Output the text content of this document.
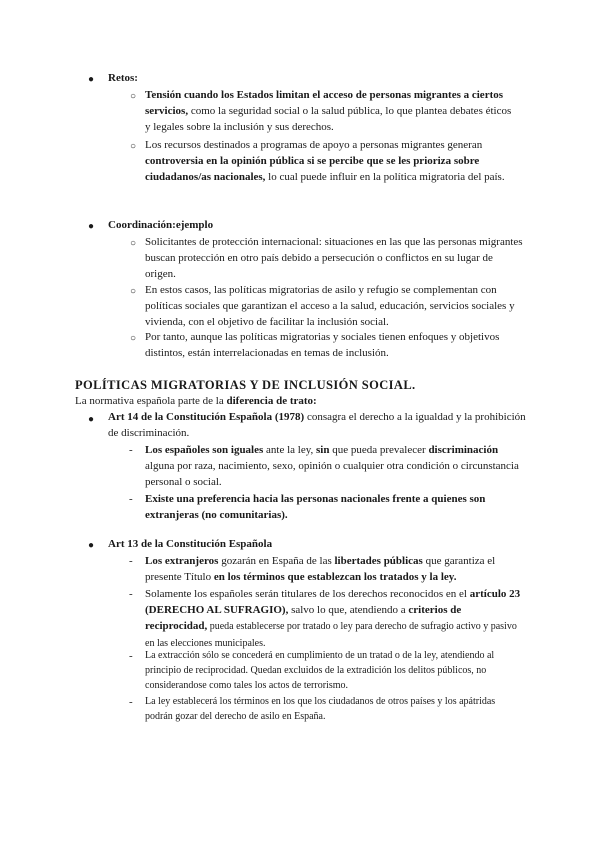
● Retos:
○ Tensión cuando los Estados limitan el acceso de personas migrantes a ciertos servicios, como la seguridad social o la salud pública, lo que plantea debates éticos y legales sobre la inclusión y sus derechos.
○ Los recursos destinados a programas de apoyo a personas migrantes generan controversia en la opinión pública si se percibe que se les prioriza sobre ciudadanos/as nacionales, lo cual puede influir en la política migratoria del país.
● Coordinación:ejemplo
○ Solicitantes de protección internacional: situaciones en las que las personas migrantes buscan protección en otro país debido a persecución o conflictos en su lugar de origen.
○ En estos casos, las políticas migratorias de asilo y refugio se complementan con políticas sociales que garantizan el acceso a la salud, educación, servicios sociales y vivienda, con el objetivo de facilitar la inclusión social.
○ Por tanto, aunque las políticas migratorias y sociales tienen enfoques y objetivos distintos, están interrelacionadas en temas de inclusión.
POLÍTICAS MIGRATORIAS Y DE INCLUSIÓN SOCIAL.
La normativa española parte de la diferencia de trato:
● Art 14 de la Constitución Española (1978) consagra el derecho a la igualdad y la prohibición de discriminación.
- Los españoles son iguales ante la ley, sin que pueda prevalecer discriminación alguna por raza, nacimiento, sexo, opinión o cualquier otra condición o circunstancia personal o social.
- Existe una preferencia hacia las personas nacionales frente a quienes son extranjeras (no comunitarias).
● Art 13 de la Constitución Española
- Los extranjeros gozarán en España de las libertades públicas que garantiza el presente Título en los términos que establezcan los tratados y la ley.
- Solamente los españoles serán titulares de los derechos reconocidos en el artículo 23 (DERECHO AL SUFRAGIO), salvo lo que, atendiendo a criterios de reciprocidad, pueda establecerse por tratado o ley para derecho de sufragio activo y pasivo en las elecciones municipales.
- La extracción sólo se concederá en cumplimiento de un tratad o de la ley, atendiendo al principio de reciprocidad. Quedan excluidos de la extradición los delitos públicos, no considerandose como tales los actos de terrorismo.
- La ley establecerá los términos en los que los ciudadanos de otros países y los apátridas podrán gozar del derecho de asilo en España.
